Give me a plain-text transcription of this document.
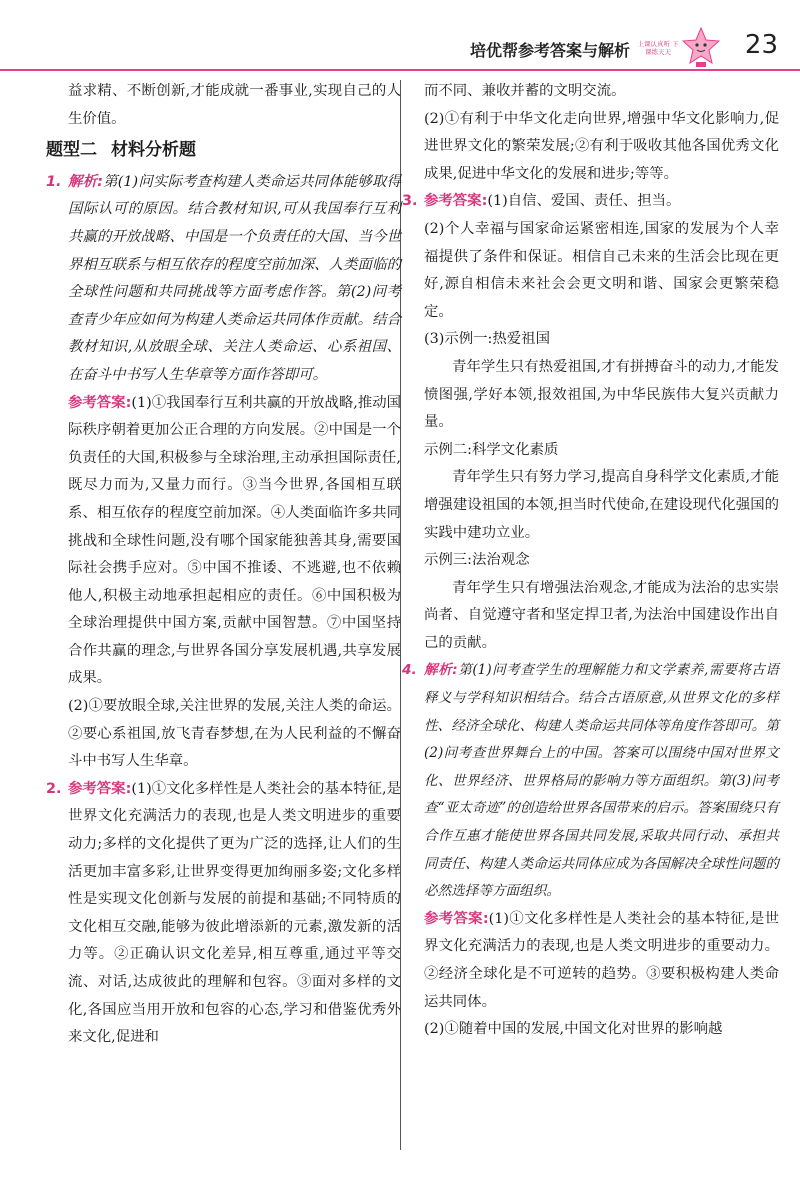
培优帮参考答案与解析 上课认真听 下课练天天	23

益求精、不断创新,才能成就一番事业,实现自己的人生价值。

题型二 材料分析题
1. 解析:第(1)问实际考查构建人类命运共同体能够取得国际认可的原因。结合教材知识,可从我国奉行互利共赢的开放战略、中国是一个负责任的大国、当今世界相互联系与相互依存的程度空前加深、人类面临的全球性问题和共同挑战等方面考虑作答。第(2)问考查青少年应如何为构建人类命运共同体作贡献。结合教材知识,从放眼全球、关注人类命运、心系祖国、在奋斗中书写人生华章等方面作答即可。

参考答案:(1)①我国奉行互利共赢的开放战略,推动国际秩序朝着更加公正合理的方向发展。②中国是一个负责任的大国,积极参与全球治理,主动承担国际责任,既尽力而为,又量力而行。③当今世界,各国相互联系、相互依存的程度空前加深。④人类面临许多共同挑战和全球性问题,没有哪个国家能独善其身,需要国际社会携手应对。⑤中国不推诿、不逃避,也不依赖他人,积极主动地承担起相应的责任。⑥中国积极为全球治理提供中国方案,贡献中国智慧。⑦中国坚持合作共赢的理念,与世界各国分享发展机遇,共享发展成果。

(2)①要放眼全球,关注世界的发展,关注人类的命运。②要心系祖国,放飞青春梦想,在为人民利益的不懈奋斗中书写人生华章。

2. 参考答案:(1)①文化多样性是人类社会的基本特征,是世界文化充满活力的表现,也是人类文明进步的重要动力;多样的文化提供了更为广泛的选择,让人们的生活更加丰富多彩,让世界变得更加绚丽多姿;文化多样性是实现文化创新与发展的前提和基础;不同特质的文化相互交融,能够为彼此增添新的元素,激发新的活力等。②正确认识文化差异,相互尊重,通过平等交流、对话,达成彼此的理解和包容。③面对多样的文化,各国应当用开放和包容的心态,学习和借鉴优秀外来文化,促进和

而不同、兼收并蓄的文明交流。

(2)①有利于中华文化走向世界,增强中华文化影响力,促进世界文化的繁荣发展;②有利于吸收其他各国优秀文化成果,促进中华文化的发展和进步;等等。

3. 参考答案:(1)自信、爱国、责任、担当。

(2)个人幸福与国家命运紧密相连,国家的发展为个人幸福提供了条件和保证。相信自己未来的生活会比现在更好,源自相信未来社会会更文明和谐、国家会更繁荣稳定。

(3)示例一:热爱祖国

青年学生只有热爱祖国,才有拼搏奋斗的动力,才能发愤图强,学好本领,报效祖国,为中华民族伟大复兴贡献力量。

示例二:科学文化素质

青年学生只有努力学习,提高自身科学文化素质,才能增强建设祖国的本领,担当时代使命,在建设现代化强国的实践中建功立业。

示例三:法治观念

青年学生只有增强法治观念,才能成为法治的忠实崇尚者、自觉遵守者和坚定捍卫者,为法治中国建设作出自己的贡献。

4. 解析:第(1)问考查学生的理解能力和文学素养,需要将古语释义与学科知识相结合。结合古语原意,从世界文化的多样性、经济全球化、构建人类命运共同体等角度作答即可。第(2)问考查世界舞台上的中国。答案可以围绕中国对世界文化、世界经济、世界格局的影响力等方面组织。第(3)问考查“亚太奇迹”的创造给世界各国带来的启示。答案围绕只有合作互惠才能使世界各国共同发展,采取共同行动、承担共同责任、构建人类命运共同体应成为各国解决全球性问题的必然选择等方面组织。

参考答案:(1)①文化多样性是人类社会的基本特征,是世界文化充满活力的表现,也是人类文明进步的重要动力。②经济全球化是不可逆转的趋势。③要积极构建人类命运共同体。

(2)①随着中国的发展,中国文化对世界的影响越
